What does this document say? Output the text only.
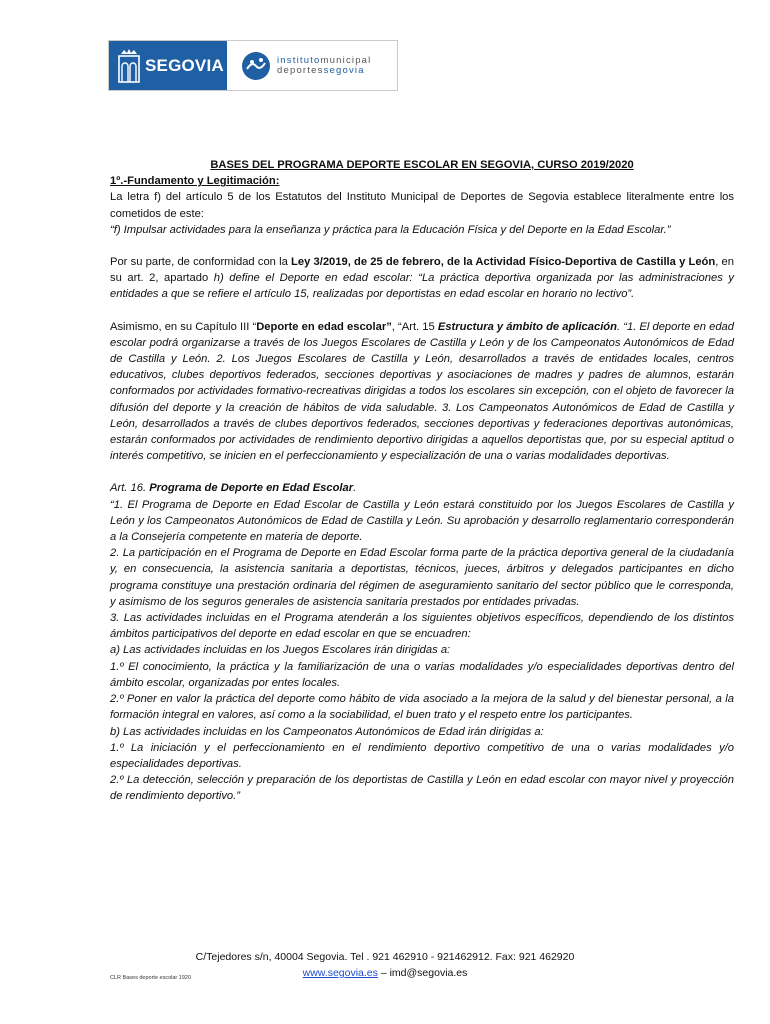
SEGOVIA	institutomunicipal
deportessegovia

BASES DEL PROGRAMA DEPORTE ESCOLAR EN SEGOVIA, CURSO 2019/2020

1º.-Fundamento y Legitimación:

La letra f) del artículo 5 de los Estatutos del Instituto Municipal de Deportes de Segovia establece literalmente entre los cometidos de este:

“f) Impulsar actividades para la enseñanza y práctica para la Educación Física y del Deporte en la Edad Escolar.”

Por su parte, de conformidad con la Ley 3/2019, de 25 de febrero, de la Actividad Físico-Deportiva de Castilla y León, en su art. 2, apartado h) define el Deporte en edad escolar: “La práctica deportiva organizada por las administraciones y entidades a que se refiere el artículo 15, realizadas por deportistas en edad escolar en horario no lectivo”.

Asimismo, en su Capítulo III “Deporte en edad escolar”, “Art. 15 Estructura y ámbito de aplicación. “1. El deporte en edad escolar podrá organizarse a través de los Juegos Escolares de Castilla y León y de los Campeonatos Autonómicos de Edad de Castilla y León. 2. Los Juegos Escolares de Castilla y León, desarrollados a través de entidades locales, centros educativos, clubes deportivos federados, secciones deportivas y asociaciones de madres y padres de alumnos, estarán conformados por actividades formativo-recreativas dirigidas a todos los escolares sin excepción, con el objeto de favorecer la difusión del deporte y la creación de hábitos de vida saludable. 3. Los Campeonatos Autonómicos de Edad de Castilla y León, desarrollados a través de clubes deportivos federados, secciones deportivas y federaciones deportivas autonómicas, estarán conformados por actividades de rendimiento deportivo dirigidas a aquellos deportistas que, por su especial aptitud o interés competitivo, se inicien en el perfeccionamiento y especialización de una o varias modalidades deportivas.

Art. 16. Programa de Deporte en Edad Escolar.

“1. El Programa de Deporte en Edad Escolar de Castilla y León estará constituido por los Juegos Escolares de Castilla y León y los Campeonatos Autonómicos de Edad de Castilla y León. Su aprobación y desarrollo reglamentario corresponderán a la Consejería competente en materia de deporte.

2. La participación en el Programa de Deporte en Edad Escolar forma parte de la práctica deportiva general de la ciudadanía y, en consecuencia, la asistencia sanitaria a deportistas, técnicos, jueces, árbitros y delegados participantes en dicho programa constituye una prestación ordinaria del régimen de aseguramiento sanitario del sector público que le corresponda, y asimismo de los seguros generales de asistencia sanitaria prestados por entidades privadas.

3. Las actividades incluidas en el Programa atenderán a los siguientes objetivos específicos, dependiendo de los distintos ámbitos participativos del deporte en edad escolar en que se encuadren:

a) Las actividades incluidas en los Juegos Escolares irán dirigidas a:

1.º El conocimiento, la práctica y la familiarización de una o varias modalidades y/o especialidades deportivas dentro del ámbito escolar, organizadas por entes locales.

2.º Poner en valor la práctica del deporte como hábito de vida asociado a la mejora de la salud y del bienestar personal, a la formación integral en valores, así como a la sociabilidad, el buen trato y el respeto entre los participantes.

b) Las actividades incluidas en los Campeonatos Autonómicos de Edad irán dirigidas a:

1.º La iniciación y el perfeccionamiento en el rendimiento deportivo competitivo de una o varias modalidades y/o especialidades deportivas.

2.º La detección, selección y preparación de los deportistas de Castilla y León en edad escolar con mayor nivel y proyección de rendimiento deportivo.”

C/Tejedores s/n, 40004 Segovia. Tel . 921 462910 - 921462912. Fax: 921 462920
www.segovia.es – imd@segovia.es
CLR Bases deporte escolar 1920
